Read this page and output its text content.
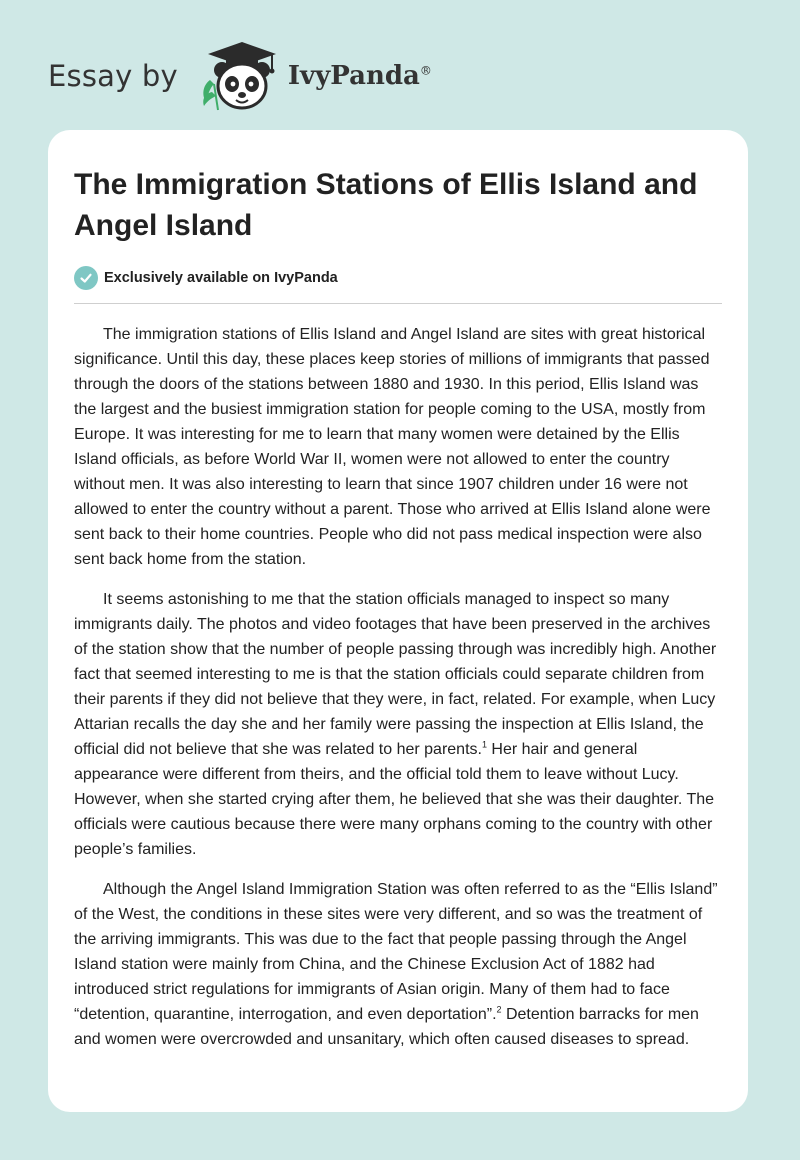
Essay by	IvyPanda®
The Immigration Stations of Ellis Island and Angel Island
Exclusively available on IvyPanda

The immigration stations of Ellis Island and Angel Island are sites with great historical significance. Until this day, these places keep stories of millions of immigrants that passed through the doors of the stations between 1880 and 1930. In this period, Ellis Island was the largest and the busiest immigration station for people coming to the USA, mostly from Europe. It was interesting for me to learn that many women were detained by the Ellis Island officials, as before World War II, women were not allowed to enter the country without men. It was also interesting to learn that since 1907 children under 16 were not allowed to enter the country without a parent. Those who arrived at Ellis Island alone were sent back to their home countries. People who did not pass medical inspection were also sent back home from the station.

It seems astonishing to me that the station officials managed to inspect so many immigrants daily. The photos and video footages that have been preserved in the archives of the station show that the number of people passing through was incredibly high. Another fact that seemed interesting to me is that the station officials could separate children from their parents if they did not believe that they were, in fact, related. For example, when Lucy Attarian recalls the day she and her family were passing the inspection at Ellis Island, the official did not believe that she was related to her parents.$^1$ Her hair and general appearance were different from theirs, and the official told them to leave without Lucy. However, when she started crying after them, he believed that she was their daughter. The officials were cautious because there were many orphans coming to the country with other people’s families.

Although the Angel Island Immigration Station was often referred to as the “Ellis Island” of the West, the conditions in these sites were very different, and so was the treatment of the arriving immigrants. This was due to the fact that people passing through the Angel Island station were mainly from China, and the Chinese Exclusion Act of 1882 had introduced strict regulations for immigrants of Asian origin. Many of them had to face “detention, quarantine, interrogation, and even deportation”.$^2$ Detention barracks for men and women were overcrowded and unsanitary, which often caused diseases to spread.
